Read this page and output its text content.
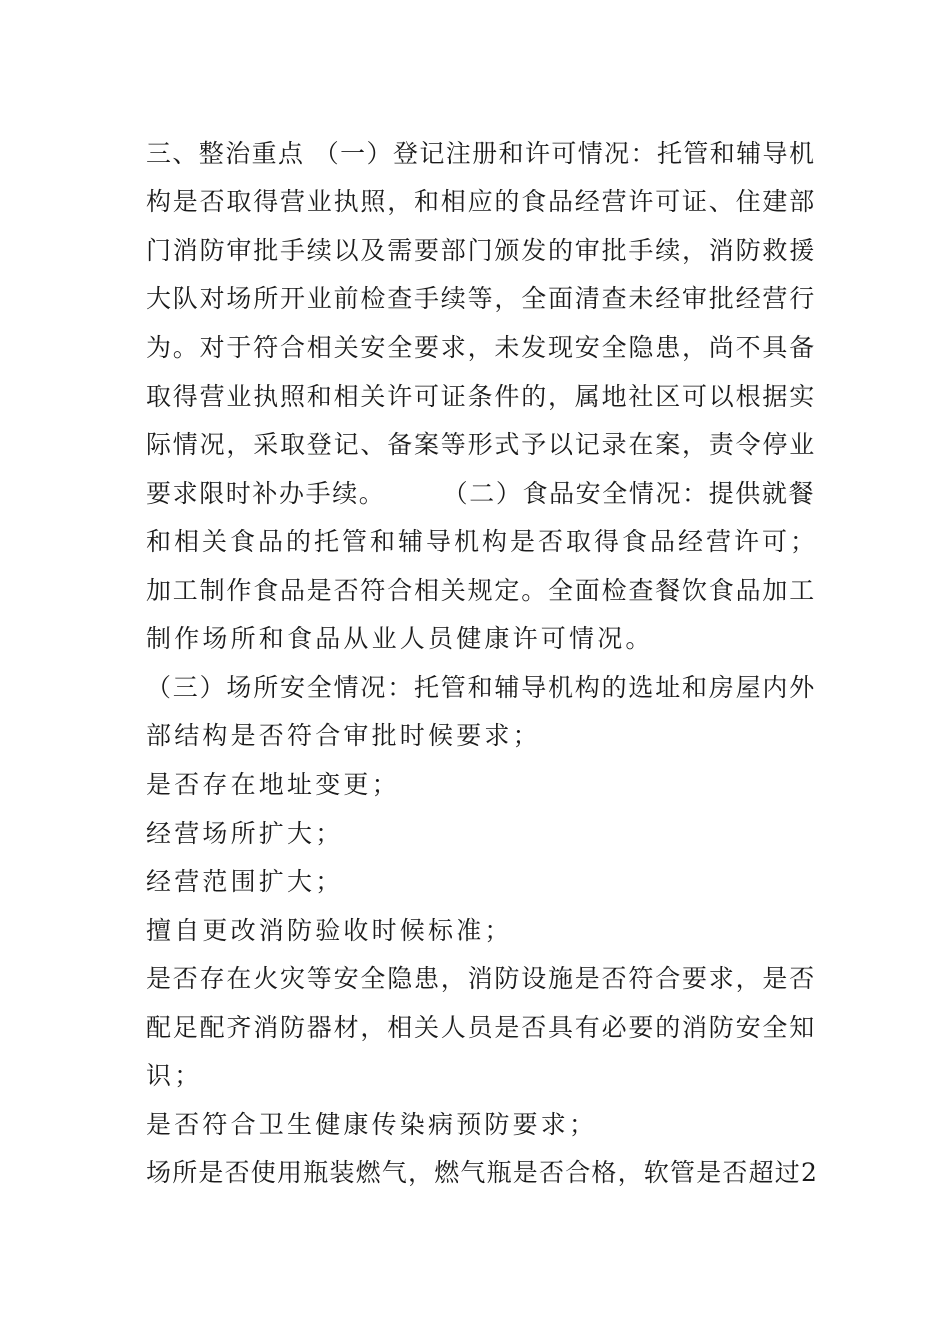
三、整治重点 （一）登记注册和许可情况：托管和辅导机
构是否取得营业执照，和相应的食品经营许可证、住建部
门消防审批手续以及需要部门颁发的审批手续，消防救援
大队对场所开业前检查手续等，全面清查未经审批经营行
为。对于符合相关安全要求，未发现安全隐患，尚不具备
取得营业执照和相关许可证条件的，属地社区可以根据实
际情况，采取登记、备案等形式予以记录在案，责令停业
要求限时补办手续。      （二）食品安全情况：提供就餐
和相关食品的托管和辅导机构是否取得食品经营许可；
加工制作食品是否符合相关规定。全面检查餐饮食品加工
制作场所和食品从业人员健康许可情况。
（三）场所安全情况：托管和辅导机构的选址和房屋内外
部结构是否符合审批时候要求；
是否存在地址变更；
经营场所扩大；
经营范围扩大；
擅自更改消防验收时候标准；
是否存在火灾等安全隐患，消防设施是否符合要求，是否
配足配齐消防器材，相关人员是否具有必要的消防安全知
识；
是否符合卫生健康传染病预防要求；
场所是否使用瓶装燃气，燃气瓶是否合格，软管是否超过2
